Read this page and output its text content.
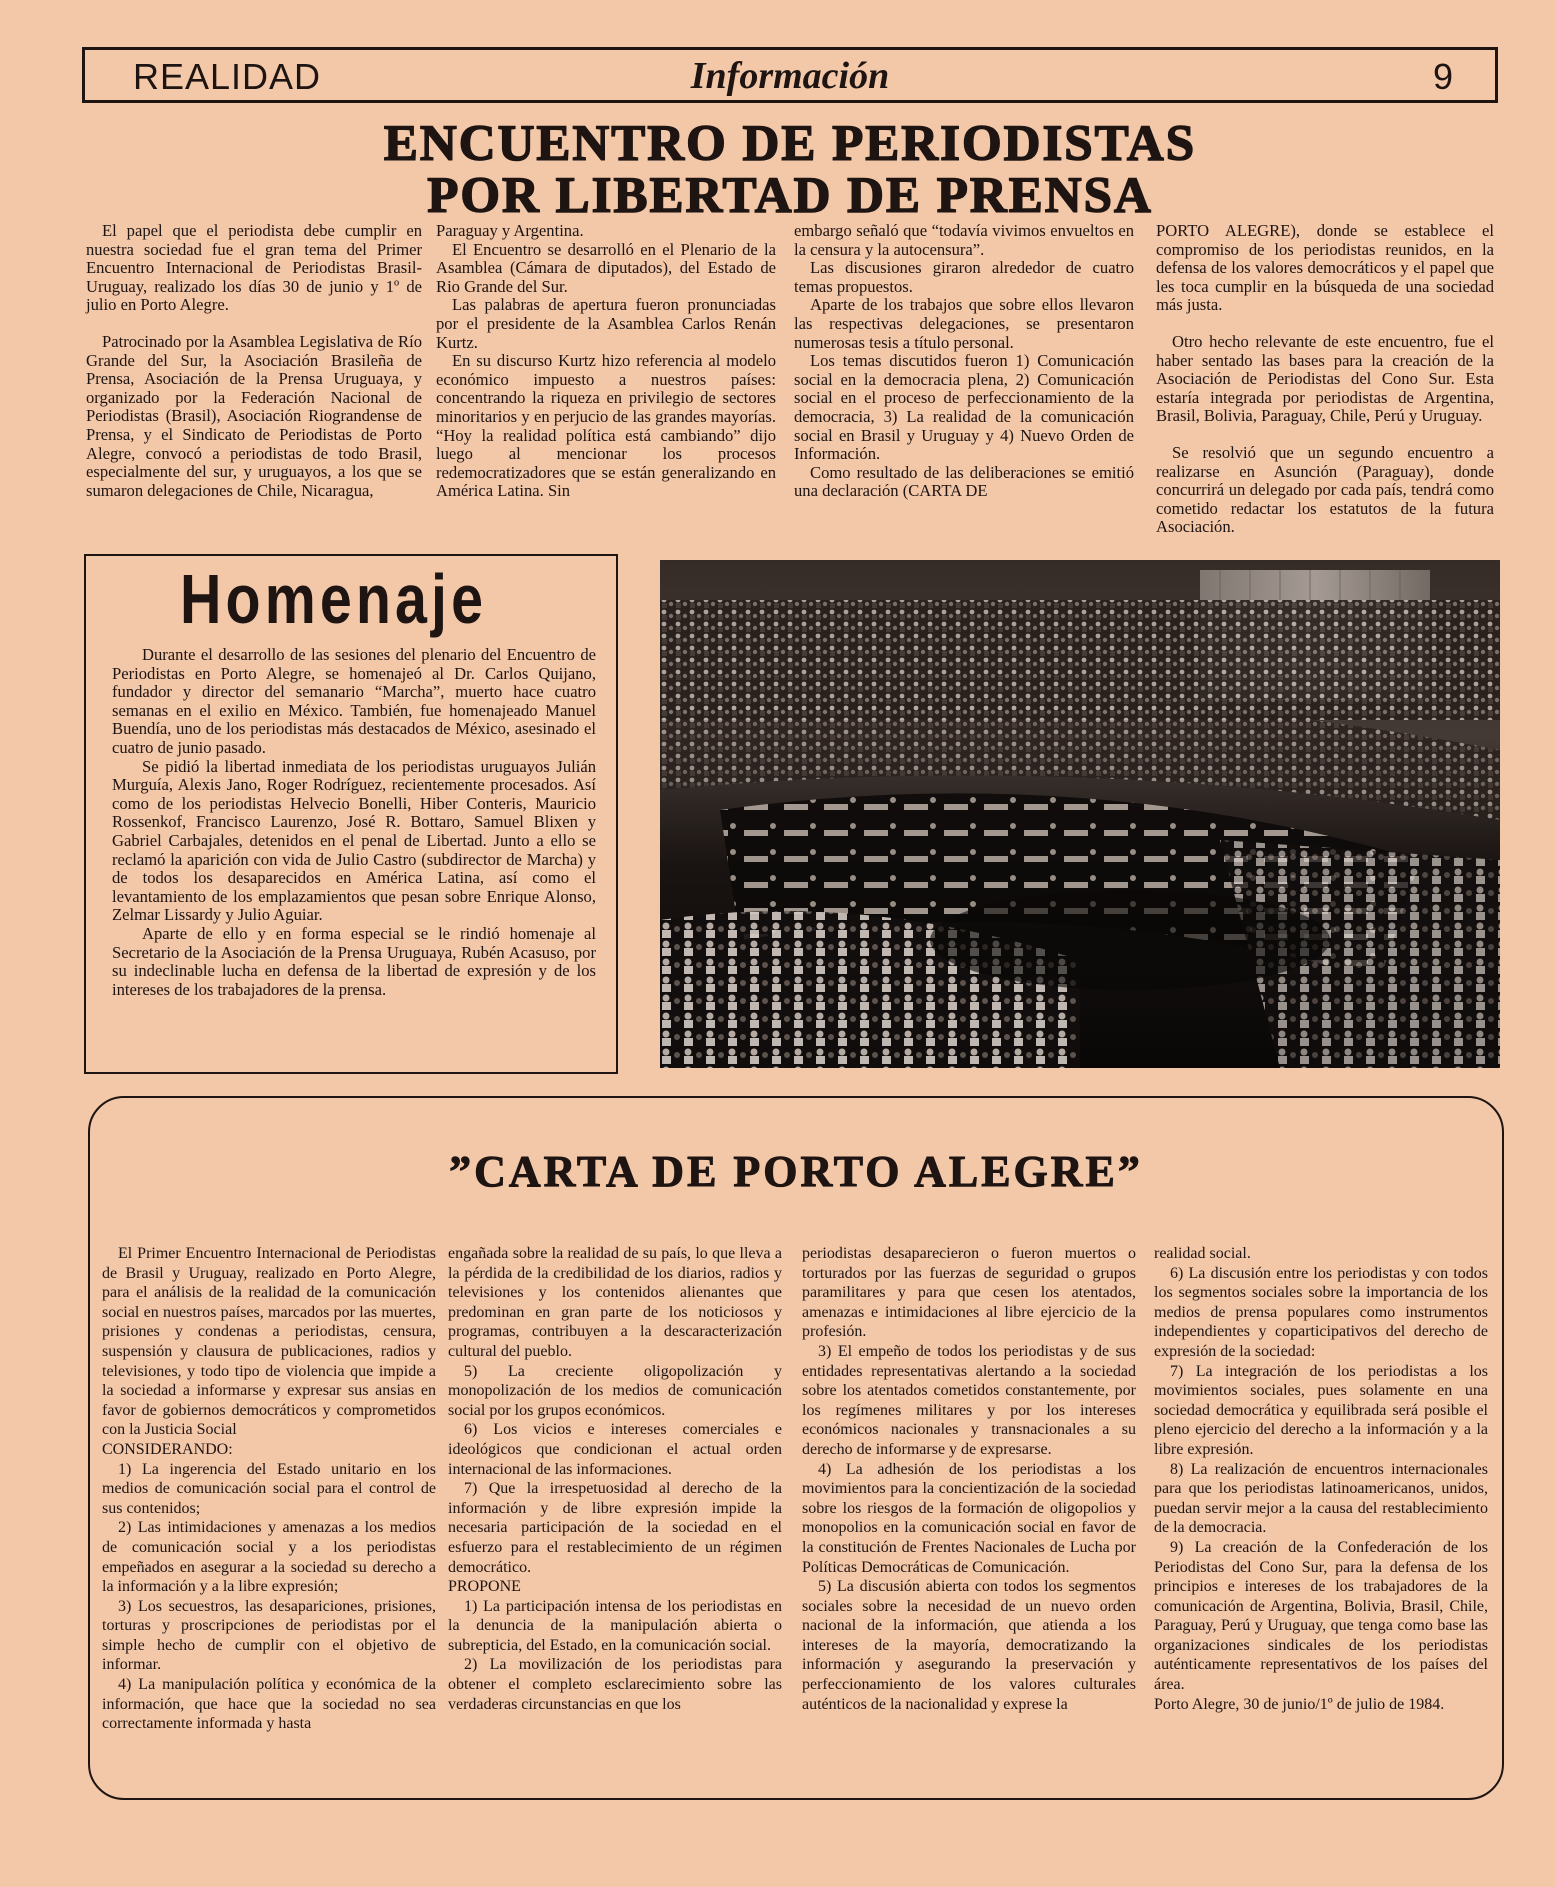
REALIDAD	Información	9
ENCUENTRO DE PERIODISTAS
POR LIBERTAD DE PRENSA

El papel que el periodista debe cumplir en nuestra sociedad fue el gran tema del Primer Encuentro Internacional de Periodistas Brasil-Uruguay, realizado los días 30 de junio y 1º de julio en Porto Alegre.

Patrocinado por la Asamblea Legislativa de Río Grande del Sur, la Asociación Brasileña de Prensa, Asociación de la Prensa Uruguaya, y organizado por la Federación Nacional de Periodistas (Brasil), Asociación Riograndense de Prensa, y el Sindicato de Periodistas de Porto Alegre, convocó a periodistas de todo Brasil, especialmente del sur, y uruguayos, a los que se sumaron delegaciones de Chile, Nicaragua,

Paraguay y Argentina.

El Encuentro se desarrolló en el Plenario de la Asamblea (Cámara de diputados), del Estado de Rio Grande del Sur.

Las palabras de apertura fueron pronunciadas por el presidente de la Asamblea Carlos Renán Kurtz.

En su discurso Kurtz hizo referencia al modelo económico impuesto a nuestros países: concentrando la riqueza en privilegio de sectores minoritarios y en perjucio de las grandes mayorías. “Hoy la realidad política está cambiando” dijo luego al mencionar los procesos redemocratizadores que se están generalizando en América Latina. Sin

embargo señaló que “todavía vivimos envueltos en la censura y la autocensura”.

Las discusiones giraron alrededor de cuatro temas propuestos.

Aparte de los trabajos que sobre ellos llevaron las respectivas delegaciones, se presentaron numerosas tesis a título personal.

Los temas discutidos fueron 1) Comunicación social en la democracia plena, 2) Comunicación social en el proceso de perfeccionamiento de la democracia, 3) La realidad de la comunicación social en Brasil y Uruguay y 4) Nuevo Orden de Información.

Como resultado de las deliberaciones se emitió una declaración (CARTA DE

PORTO ALEGRE), donde se establece el compromiso de los periodistas reunidos, en la defensa de los valores democráticos y el papel que les toca cumplir en la búsqueda de una sociedad más justa.

Otro hecho relevante de este encuentro, fue el haber sentado las bases para la creación de la Asociación de Periodistas del Cono Sur. Esta estaría integrada por periodistas de Argentina, Brasil, Bolivia, Paraguay, Chile, Perú y Uruguay.

Se resolvió que un segundo encuentro a realizarse en Asunción (Paraguay), donde concurrirá un delegado por cada país, tendrá como cometido redactar los estatutos de la futura Asociación.

Homenaje

Durante el desarrollo de las sesiones del plenario del Encuentro de Periodistas en Porto Alegre, se homenajeó al Dr. Carlos Quijano, fundador y director del semanario “Marcha”, muerto hace cuatro semanas en el exilio en México. También, fue homenajeado Manuel Buendía, uno de los periodistas más destacados de México, asesinado el cuatro de junio pasado.

Se pidió la libertad inmediata de los periodistas uruguayos Julián Murguía, Alexis Jano, Roger Rodríguez, recientemente procesados. Así como de los periodistas Helvecio Bonelli, Hiber Conteris, Mauricio Rossenkof, Francisco Laurenzo, José R. Bottaro, Samuel Blixen y Gabriel Carbajales, detenidos en el penal de Libertad. Junto a ello se reclamó la aparición con vida de Julio Castro (subdirector de Marcha) y de todos los desaparecidos en América Latina, así como el levantamiento de los emplazamientos que pesan sobre Enrique Alonso, Zelmar Lissardy y Julio Aguiar.

Aparte de ello y en forma especial se le rindió homenaje al Secretario de la Asociación de la Prensa Uruguaya, Rubén Acasuso, por su indeclinable lucha en defensa de la libertad de expresión y de los intereses de los trabajadores de la prensa.

”CARTA DE PORTO ALEGRE”

El Primer Encuentro Internacional de Periodistas de Brasil y Uruguay, realizado en Porto Alegre, para el análisis de la realidad de la comunicación social en nuestros países, marcados por las muertes, prisiones y condenas a periodistas, censura, suspensión y clausura de publicaciones, radios y televisiones, y todo tipo de violencia que impide a la sociedad a informarse y expresar sus ansias en favor de gobiernos democráticos y comprometidos con la Justicia Social

CONSIDERANDO:

1) La ingerencia del Estado unitario en los medios de comunicación social para el control de sus contenidos;

2) Las intimidaciones y amenazas a los medios de comunicación social y a los periodistas empeñados en asegurar a la sociedad su derecho a la información y a la libre expresión;

3) Los secuestros, las desapariciones, prisiones, torturas y proscripciones de periodistas por el simple hecho de cumplir con el objetivo de informar.

4) La manipulación política y económica de la información, que hace que la sociedad no sea correctamente informada y hasta

engañada sobre la realidad de su país, lo que lleva a la pérdida de la credibilidad de los diarios, radios y televisiones y los contenidos alienantes que predominan en gran parte de los noticiosos y programas, contribuyen a la descaracterización cultural del pueblo.

5) La creciente oligopolización y monopolización de los medios de comunicación social por los grupos económicos.

6) Los vicios e intereses comerciales e ideológicos que condicionan el actual orden internacional de las informaciones.

7) Que la irrespetuosidad al derecho de la información y de libre expresión impide la necesaria participación de la sociedad en el esfuerzo para el restablecimiento de un régimen democrático.

PROPONE

1) La participación intensa de los periodistas en la denuncia de la manipulación abierta o subrepticia, del Estado, en la comunicación social.

2) La movilización de los periodistas para obtener el completo esclarecimiento sobre las verdaderas circunstancias en que los

periodistas desaparecieron o fueron muertos o torturados por las fuerzas de seguridad o grupos paramilitares y para que cesen los atentados, amenazas e intimidaciones al libre ejercicio de la profesión.

3) El empeño de todos los periodistas y de sus entidades representativas alertando a la sociedad sobre los atentados cometidos constantemente, por los regímenes militares y por los intereses económicos nacionales y transnacionales a su derecho de informarse y de expresarse.

4) La adhesión de los periodistas a los movimientos para la concientización de la sociedad sobre los riesgos de la formación de oligopolios y monopolios en la comunicación social en favor de la constitución de Frentes Nacionales de Lucha por Políticas Democráticas de Comunicación.

5) La discusión abierta con todos los segmentos sociales sobre la necesidad de un nuevo orden nacional de la información, que atienda a los intereses de la mayoría, democratizando la información y asegurando la preservación y perfeccionamiento de los valores culturales auténticos de la nacionalidad y exprese la

realidad social.

6) La discusión entre los periodistas y con todos los segmentos sociales sobre la importancia de los medios de prensa populares como instrumentos independientes y coparticipativos del derecho de expresión de la sociedad:

7) La integración de los periodistas a los movimientos sociales, pues solamente en una sociedad democrática y equilibrada será posible el pleno ejercicio del derecho a la información y a la libre expresión.

8) La realización de encuentros internacionales para que los periodistas latinoamericanos, unidos, puedan servir mejor a la causa del restablecimiento de la democracia.

9) La creación de la Confederación de los Periodistas del Cono Sur, para la defensa de los principios e intereses de los trabajadores de la comunicación de Argentina, Bolivia, Brasil, Chile, Paraguay, Perú y Uruguay, que tenga como base las organizaciones sindicales de los periodistas auténticamente representativos de los países del área.

Porto Alegre, 30 de junio/1º de julio de 1984.
